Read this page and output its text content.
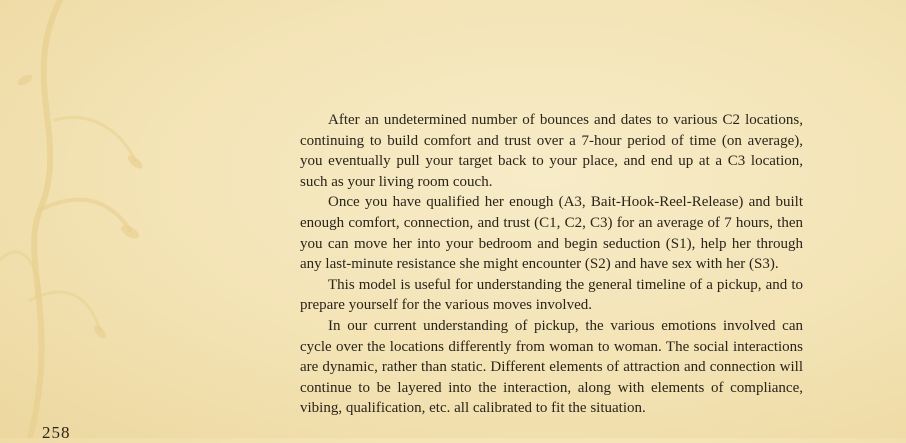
After an undetermined number of bounces and dates to various C2 locations, continuing to build comfort and trust over a 7-hour period of time (on average), you eventually pull your target back to your place, and end up at a C3 location, such as your living room couch.

Once you have qualified her enough (A3, Bait-Hook-Reel-Release) and built enough comfort, connection, and trust (C1, C2, C3) for an average of 7 hours, then you can move her into your bedroom and begin seduction (S1), help her through any last-minute resistance she might encounter (S2) and have sex with her (S3).

This model is useful for understanding the general timeline of a pickup, and to prepare yourself for the various moves involved.

In our current understanding of pickup, the various emotions involved can cycle over the locations differently from woman to woman. The social interactions are dynamic, rather than static. Different elements of attraction and connection will continue to be layered into the interaction, along with elements of compliance, vibing, qualification, etc. all calibrated to fit the situation.

258
